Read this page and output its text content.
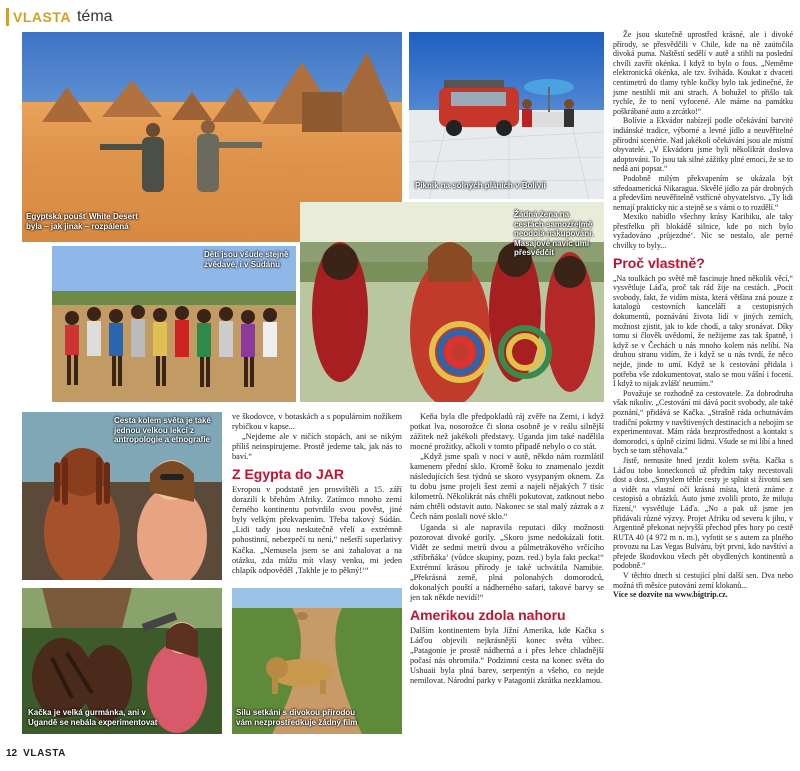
VLASTA téma
Egyptská poušť White Desert byla – jak jinak – rozpálená
Piknik na solných pláních v Bolívii
Děti jsou všude stejně zvědavé, i v Súdánu
Žádná žena na cestách samozřejmě neodolá nakupování. Masajové navíc umí přesvědčit
Cesta kolem světa je také jednou velkou lekcí z antropologie a etnografie
Kačka je velká gurmánka, ani v Ugandě se nebála experimentovat
Silu setkání s divokou přírodou vám nezprostředkuje žádný film

ve škodovce, v botaskách a s populárním nožíkem rybičkou v kapse...

„Nejdeme ale v ničích stopách, ani se nikým příliš neinspirujeme. Prostě jedeme tak, jak nás to baví.“

Z Egypta do JAR

Evropou v podstatě jen prosvištěli a 15. září dorazili k břehům Afriky. Zatímco mnoho zemí černého kontinentu potvrdilo svou pověst, jiné byly velkým překvapením. Třeba takový Súdán. „Lidi tady jsou neskutečně vřelí a extrémně pohostinní, nebezpečí tu není,“ nešetří superlativy Kačka. „Nemusela jsem se ani zahalovat a na otázku, zda můžu mít vlasy venku, mi jeden chlapík odpověděl ‚Takhle je to pěkný!‘“

Keňa byla dle předpokladů ráj zvěře na Zemi, i když potkat lva, nosorožce či slona osobně je v reálu silnější zážitek než jakékoli představy. Uganda jim také nadělila mocné prožitky, ačkoli v tomto případě nebylo o co stát.

„Když jsme spali v noci v autě, někdo nám rozmlátil kamenem přední sklo. Kromě šoku to znamenalo jezdit následujících šest týdnů se skoro vysypaným oknem. Za tu dobu jsme projeli šest zemí a najeli nějakých 7 tisíc kilometrů. Několikrát nás chtěli pokutovat, zatknout nebo nám chtěli odstavit auto. Nakonec se stal malý zázrak a z Čech nám poslali nové sklo.“

Uganda si ale napravila reputaci díky možnosti pozorovat divoké gorily. „Skoro jsme nedokázali fotit. Vidět ze sedmi metrů dvou a půlmetrákového vrčícího ‚stříbrňáka‘ (vůdce skupiny, pozn. red.) byla fakt pecka!“ Extrémní krásou přírody je také uchvátila Namibie. „Překrásná země, plná polonahých domorodců, dokonalých pouští a nádherného safari, takové barvy se jen tak někde nevidí!“

Amerikou zdola nahoru

Dalším kontinentem byla Jižní Amerika, kde Kačka s Láďou objevili nejkrásnější konec světa vůbec. „Patagonie je prostě nádherná a i přes lehce chladnější počasí nás ohromila.“ Podzimní cesta na konec světa do Ushuaii byla plná barev, serpentýn a všeho, co nejde nemilovat. Národní parky v Patagonii zkrátka nezklamou.

Že jsou skutečně uprostřed krásné, ale i divoké přírody, se přesvědčili v Chile, kde na ně zaútočila divoká puma. Naštěstí sedělí v autě a stihli na poslední chvíli zavřít okénka. I když to bylo o fous. „Neměme elektronická okénka, ale tzv. šviháda. Koukat z dvaceti centimetrů do tlamy tyhle kočky bylo tak jedinečné, že jsme nestihli mít ani strach. A bohužel to přišlo tak rychle, že to není vyfocené. Ale máme na památku poškrábané auto a zrcátko!“

Bolívie a Ekvádor nabízejí podle očekávání barvité indiánské tradice, výborné a levné jídlo a neuvěřitelné přírodní scenérie. Nad jakékoli očekávání jsou ale místní obyvatelé. „V Ekvádoru jsme byli několikrát doslova adoptováni. To jsou tak silné zážitky plné emocí, že se to nedá ani popsat.“

Podobně milým překvapením se ukázala být středoamerická Nikaragua. Skvělé jídlo za pár drobných a především neuvěřitelně vstřícné obyvatelstvo. „Ty lidi nemají prakticky nic a stejně se s vámi o to rozdělí.“

Mexiko nabídlo všechny krásy Karibiku, ale taky přestřelku při blokádě silnice, kde po nich bylo vyžadováno ‚průjezdné‘. Nic se nestalo, ale perné chvilky to byly...

Proč vlastně?

„Na toulkách po světě mě fascinuje hned několik věcí,“ vysvětluje Láďa, proč tak rád žije na cestách. „Pocit svobody, fakt, že vidím místa, která většina zná pouze z katalogů cestovních kanceláří a cestopisných dokumentů, poznávání života lidí v jiných zemích, možnost zjistit, jak to kde chodí, a taky sronávat. Díky tomu si člověk uvědomí, že nežijeme zas tak špatně, i když se v Čechách u nás mnoho kolem nás nelíbí. Na druhou stranu vidím, že i když se u nás tvrdí, že něco nejde, jinde to umí. Když se k cestování přidala i potřeba vše zdokumentovat, stalo se mou vášní i focení. I když to nijak zvlášť neumím.“

Považuje se rozhodně za cestovatele. Za dobrodruha však nikoliv. „Cestování mi dává pocit svobody, ale také poznání,“ přidává se Kačka. „Strašně ráda ochutnávám tradiční pokrmy v navštívených destinacích a nebojím se experimentovat. Mám ráda bezprostřednost a kontakt s domorodci, s úplně cizími lidmi. Všude se mi líbí a hned bych se tam stěhovala.“

Jistě, nemusíte hned jezdit kolem světa. Kačka s Láďou tobo koneckonců už předtím taky necestovali dost a dost. „Smyslem téhle cesty je splnit si životní sen a vidět na vlastní oči krásná místa, která známe z cestopisů a obrázků. Auto jsme zvolili proto, že miluju řízení,“ vysvětluje Láďa. „No a pak už jsme jen přidávali různé výzvy. Projet Afriku od severu k jihu, v Argentině překonat nejvyšší přechod přes hory po cestě RUTA 40 (4 972 m n. m.), vyfotit se s autem za plného provozu na Las Vegas Bulváru, být prvni, kdo navštíví a přejede škodovkou všech pět obydlených kontinentů a podobně.“

V těchto dnech si cestující plní další sen. Dva nebo možná tři měsíce putování zemí klokanů...

Více se dozvíte na www.bigtrip.cz.

12 VLASTA
